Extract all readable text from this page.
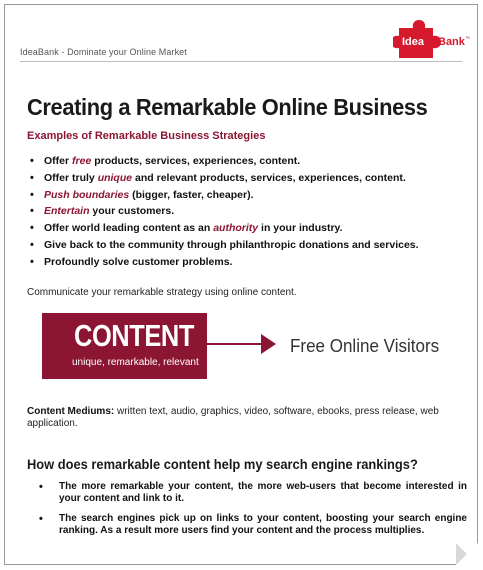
IdeaBank - Dominate your Online Market
Idea Bank ™
Creating a Remarkable Online Business
Examples of Remarkable Business Strategies
• Offer free products, services, experiences, content.
• Offer truly unique and relevant products, services, experiences, content.
• Push boundaries (bigger, faster, cheaper).
• Entertain your customers.
• Offer world leading content as an authority in your industry.
• Give back to the community through philanthropic donations and services.
• Profoundly solve customer problems.
Communicate your remarkable strategy using online content.
CONTENT
unique, remarkable, relevant
Free Online Visitors
Content Mediums: written text, audio, graphics, video, software, ebooks, press release, web application.
How does remarkable content help my search engine rankings?
• The more remarkable your content, the more web-users that become interested in your content and link to it.
• The search engines pick up on links to your content, boosting your search engine ranking. As a result more users find your content and the process multiplies.
